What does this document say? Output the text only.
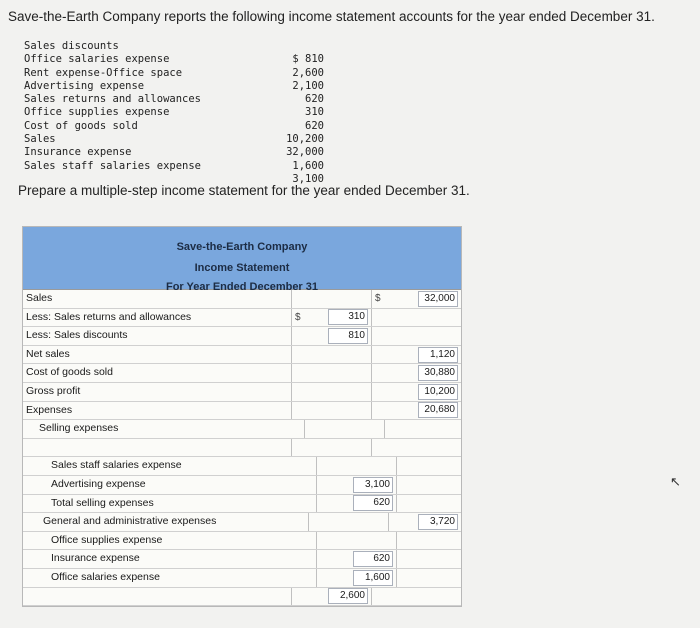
Save-the-Earth Company reports the following income statement accounts for the year ended December 31.
Sales discounts
Office salaries expense	$ 810
Rent expense-Office space	2,600
Advertising expense	2,100
Sales returns and allowances	620
Office supplies expense	310
Cost of goods sold	620
Sales	10,200
Insurance expense	32,000
Sales staff salaries expense	1,600
3,100
Prepare a multiple-step income statement for the year ended December 31.
Save-the-Earth Company
Income Statement
For Year Ended December 31
Sales	$	32,000
Less: Sales returns and allowances	$	310
Less: Sales discounts	810
Net sales	1,120
Cost of goods sold	30,880
Gross profit	10,200
Expenses	20,680
Selling expenses
Sales staff salaries expense
Advertising expense	3,100
Total selling expenses	620
General and administrative expenses	3,720
Office supplies expense
Insurance expense	620
Office salaries expense	1,600
2,600
↖
